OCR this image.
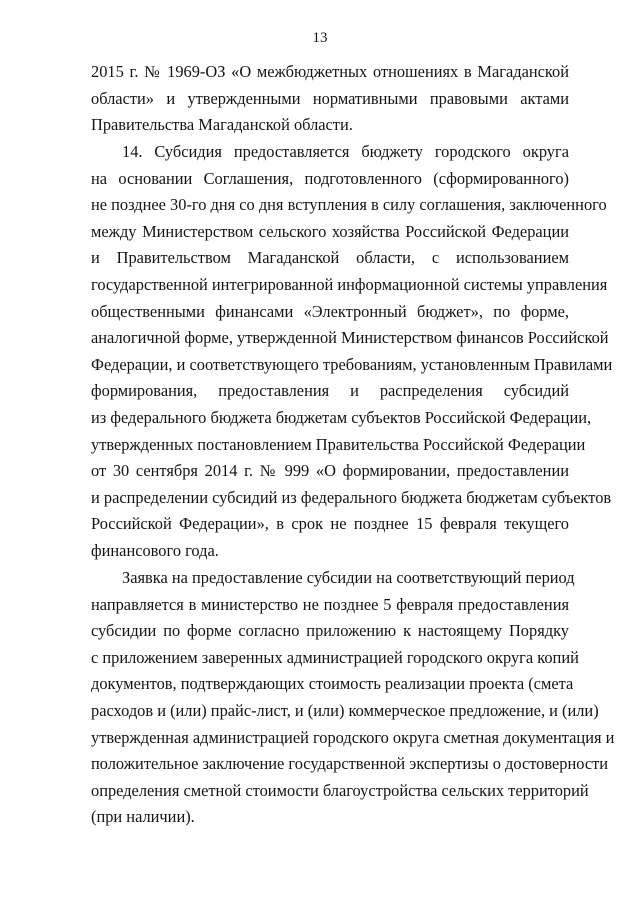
13
2015 г. № 1969-ОЗ «О межбюджетных отношениях в Магаданской
области» и утвержденными нормативными правовыми актами
Правительства Магаданской области.
14. Субсидия предоставляется бюджету городского округа
на основании Соглашения, подготовленного (сформированного)
не позднее 30-го дня со дня вступления в силу соглашения, заключенного
между Министерством сельского хозяйства Российской Федерации
и Правительством Магаданской области, с использованием
государственной интегрированной информационной системы управления
общественными финансами «Электронный бюджет», по форме,
аналогичной форме, утвержденной Министерством финансов Российской
Федерации, и соответствующего требованиям, установленным Правилами
формирования, предоставления и распределения субсидий
из федерального бюджета бюджетам субъектов Российской Федерации,
утвержденных постановлением Правительства Российской Федерации
от 30 сентября 2014 г. № 999 «О формировании, предоставлении
и распределении субсидий из федерального бюджета бюджетам субъектов
Российской Федерации», в срок не позднее 15 февраля текущего
финансового года.
Заявка на предоставление субсидии на соответствующий период
направляется в министерство не позднее 5 февраля предоставления
субсидии по форме согласно приложению к настоящему Порядку
с приложением заверенных администрацией городского округа копий
документов, подтверждающих стоимость реализации проекта (смета
расходов и (или) прайс-лист, и (или) коммерческое предложение, и (или)
утвержденная администрацией городского округа сметная документация и
положительное заключение государственной экспертизы о достоверности
определения сметной стоимости благоустройства сельских территорий
(при наличии).
